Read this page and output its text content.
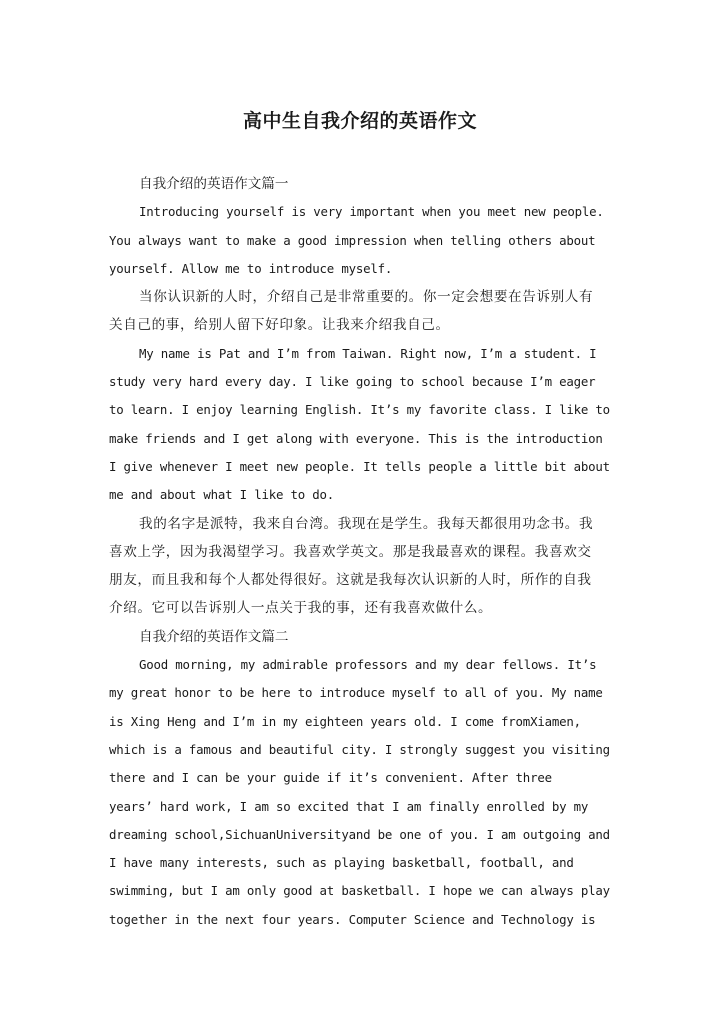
高中生自我介绍的英语作文
自我介绍的英语作文篇一
Introducing yourself is very important when you meet new people.
You always want to make a good impression when telling others about
yourself. Allow me to introduce myself.
当你认识新的人时，介绍自己是非常重要的。你一定会想要在告诉别人有
关自己的事，给别人留下好印象。让我来介绍我自己。
My name is Pat and I’m from Taiwan. Right now, I’m a student. I
study very hard every day. I like going to school because I’m eager
to learn. I enjoy learning English. It’s my favorite class. I like to
make friends and I get along with everyone. This is the introduction
I give whenever I meet new people. It tells people a little bit about
me and about what I like to do.
我的名字是派特，我来自台湾。我现在是学生。我每天都很用功念书。我
喜欢上学，因为我渴望学习。我喜欢学英文。那是我最喜欢的课程。我喜欢交
朋友，而且我和每个人都处得很好。这就是我每次认识新的人时，所作的自我
介绍。它可以告诉别人一点关于我的事，还有我喜欢做什么。
自我介绍的英语作文篇二
Good morning, my admirable professors and my dear fellows. It’s
my great honor to be here to introduce myself to all of you. My name
is Xing Heng and I’m in my eighteen years old. I come fromXiamen,
which is a famous and beautiful city. I strongly suggest you visiting
there and I can be your guide if it’s convenient. After three
years’ hard work, I am so excited that I am finally enrolled by my
dreaming school,SichuanUniversityand be one of you. I am outgoing and
I have many interests, such as playing basketball, football, and
swimming, but I am only good at basketball. I hope we can always play
together in the next four years. Computer Science and Technology is
